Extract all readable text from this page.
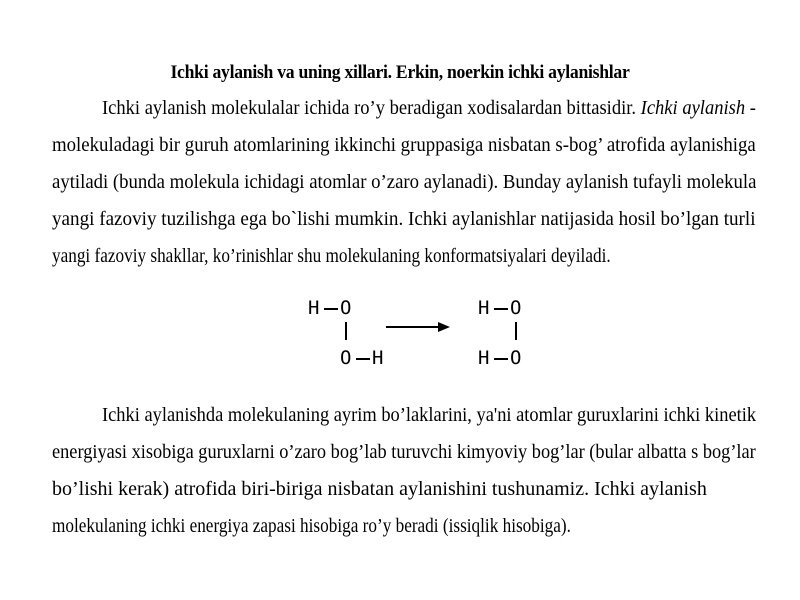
Ichki aylanish va uning xillari. Erkin, noerkin ichki aylanishlar
Ichki aylanish molekulalar ichida ro’y beradigan xodisalardan bittasidir. Ichki aylanish -
molekuladagi bir guruh atomlarining ikkinchi gruppasiga nisbatan s-bog’ atrofida aylanishiga
aytiladi (bunda molekula ichidagi atomlar o’zaro aylanadi). Bunday aylanish tufayli molekula
yangi fazoviy tuzilishga ega bo`lishi mumkin. Ichki aylanishlar natijasida hosil bo’lgan turli
yangi fazoviy shakllar, ko’rinishlar shu molekulaning konformatsiyalari deyiladi.
H O
O H
H O
H O
Ichki aylanishda molekulaning ayrim bo’laklarini, ya'ni atomlar guruxlarini ichki kinetik
energiyasi xisobiga guruxlarni o’zaro bog’lab turuvchi kimyoviy bog’lar (bular albatta s bog’lar
bo’lishi kerak) atrofida biri-biriga nisbatan aylanishini tushunamiz. Ichki aylanish
molekulaning ichki energiya zapasi hisobiga ro’y beradi (issiqlik hisobiga).
